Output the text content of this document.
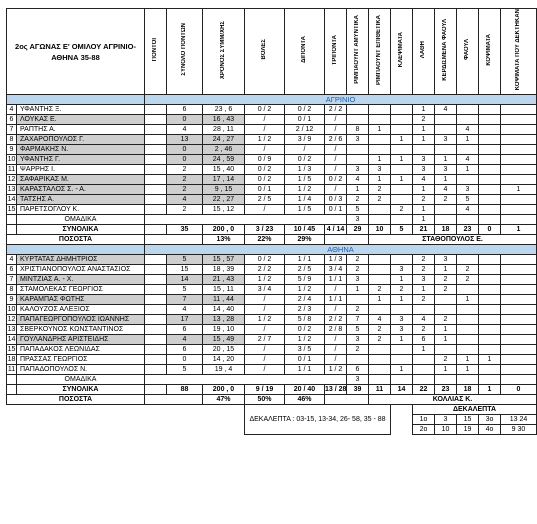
2ος ΑΓΩΝΑΣ Ε' ΟΜΙΛΟΥ ΑΓΡΙΝΙΟ-ΑΘΗΝΑ 35-88		ΠΟΝΤΟΙ	ΣΥΝΟΛΟ ΠΟΝΤΩΝ	ΧΡΟΝΟΣ ΣΥΜΜ/ΧΗΣ	ΒΟΛΕΣ	ΔΙΠΟΝΤΑ	ΤΡΙΠΟΝΤΑ	ΡΙΜΠΑΟΥΝΤ ΑΜΥΝΤΙΚΑ	ΡΙΜΠΑΟΥΝΤ ΕΠΙΘΕΤΙΚΑ	ΚΛΕΨΙΜΑΤΑ	ΛΑΘΗ	ΚΕΡΔΙΣΜΕΝΑ ΦΑΟΥΛ	ΦΑΟΥΛ	ΚΟΨΙΜΑΤΑ	ΚΟΨΙΜΑΤΑ ΠΟΥ ΔΕΚΤΗΚΑΝ	
		ΑΓΡΙΝΙΟ														
4	ΥΦΑΝΤΗΣ Ξ.		6	23 , 6	0 / 2	0 / 2	2 / 2				1	4				
6	ΛΟΥΚΑΣ Ε.		0	16 , 43	/	0 / 1	/				2					
7	ΡΑΠΤΗΣ Α.		4	28 , 11	/	2 / 12	/	8	1		1		4			
8	ΖΑΧΑΡΟΠΟΥΛΟΣ Γ.		13	24 , 27	1 / 2	3 / 9	2 / 6	3		1	1	3	1			
9	ΦΑΡΜΑΚΗΣ Ν.		0	2 , 46	/	/	/									
10	ΥΦΑΝΤΗΣ Γ.		0	24 , 59	0 / 9	0 / 2	/		1	1	3	1	4			
11	ΨΑΡΡΗΣ Ι.		2	15 , 40	0 / 2	1 / 3	/	3	3		3	3	1			
12	ΣΑΦΑΡΙΚΑΣ Μ.		2	17 , 14	0 / 2	1 / 5	0 / 2	4	1	1	4	1				
13	ΚΑΡΑΣΤΑΛΟΣ Σ. - Α.		2	9 , 15	0 / 1	1 / 2	/	1	2		1	4	3		1	
14	ΤΑΤΣΗΣ Α.		4	22 , 27	2 / 5	1 / 4	0 / 3	2	2		2	2	5			
15	ΠΑΡΕΤΣΟΓΛΟΥ Κ.		2	15 , 12	/	1 / 5	0 / 1	5		2	1		4			
	ΟΜΑΔΙΚΑ							3			1					
	ΣΥΝΟΛΙΚΑ		35	200 , 0	3 / 23	10 / 45	4 / 14	29	10	5	21	18	23	0	1	
ΠΟΣΟΣΤΑ				13%	22%	29%			ΣΤΑΘΟΠΟΥΛΟΣ Ε.							
		ΑΘΗΝΑ														
4	ΚΥΡΤΑΤΑΣ ΔΗΜΗΤΡΙΟΣ		5	15 , 57	0 / 2	1 / 1	1 / 3	2			2	3				
6	ΧΡΙΣΤΙΑΝΟΠΟΥΛΟΣ ΑΝΑΣΤΑΣΙΟΣ		15	18 , 39	2 / 2	2 / 5	3 / 4	2		3	2	1	2			
7	ΜΙΝΤΖΙΑΣ Α. - Χ.		14	21 , 43	1 / 2	5 / 9	1 / 1	3		1	3	2	2			
8	ΣΤΑΜΟΛΕΚΑΣ ΓΕΩΡΓΙΟΣ		5	15 , 11	3 / 4	1 / 2	/	1	2	2	1	2				
9	ΚΑΡΑΜΠΑΣ ΦΩΤΗΣ		7	11 , 44	/	2 / 4	1 / 1		1	1	2		1			
10	ΚΑΛΟΥΖΟΣ ΑΛΕΞΙΟΣ		4	14 , 40	/	2 / 3	/	2								
12	ΠΑΠΑΓΕΩΡΓΟΠΟΥΛΟΣ ΙΩΑΝΝΗΣ		17	13 , 28	1 / 2	5 / 8	2 / 2	7	4	3	4	2				
13	ΣΒΕΡΚΟΥΝΟΣ ΚΩΝΣΤΑΝΤΙΝΟΣ		6	19 , 10	/	0 / 2	2 / 8	5	2	3	2	1				
14	ΓΟΥΛΑΝΔΡΗΣ ΑΡΙΣΤΕΙΔΗΣ		4	15 , 49	2 / 7	1 / 2	/	3	2	1	6	1				
15	ΠΑΠΑΔΑΚΟΣ ΛΕΩΝΙΔΑΣ		6	20 , 15	/	3 / 5	/	2			1					
18	ΠΡΑΣΣΑΣ ΓΕΩΡΓΙΟΣ		0	14 , 20	/	0 / 1	/					2	1	1		
11	ΠΑΠΑΔΟΠΟΥΛΟΣ Ν.		5	19 , 4	/	1 / 1	1 / 2	6		1		1	1			
	ΟΜΑΔΙΚΑ							3								
	ΣΥΝΟΛΙΚΑ		88	200 , 0	9 / 19	20 / 40	13 / 28	39	11	14	22	23	18	1	0	
ΠΟΣΟΣΤΑ				47%	50%	46%			ΚΟΛΛΙΑΣ Κ.							
					ΔΕΚΑΛΕΠΤΑ : 03-15, 13-34, 26- 58, 35 - 88						ΔΕΚΑΛΕΠΤΑ					
											1ο	3	15	3ο	13 24	
											2ο	10	19	4ο	9 30	
